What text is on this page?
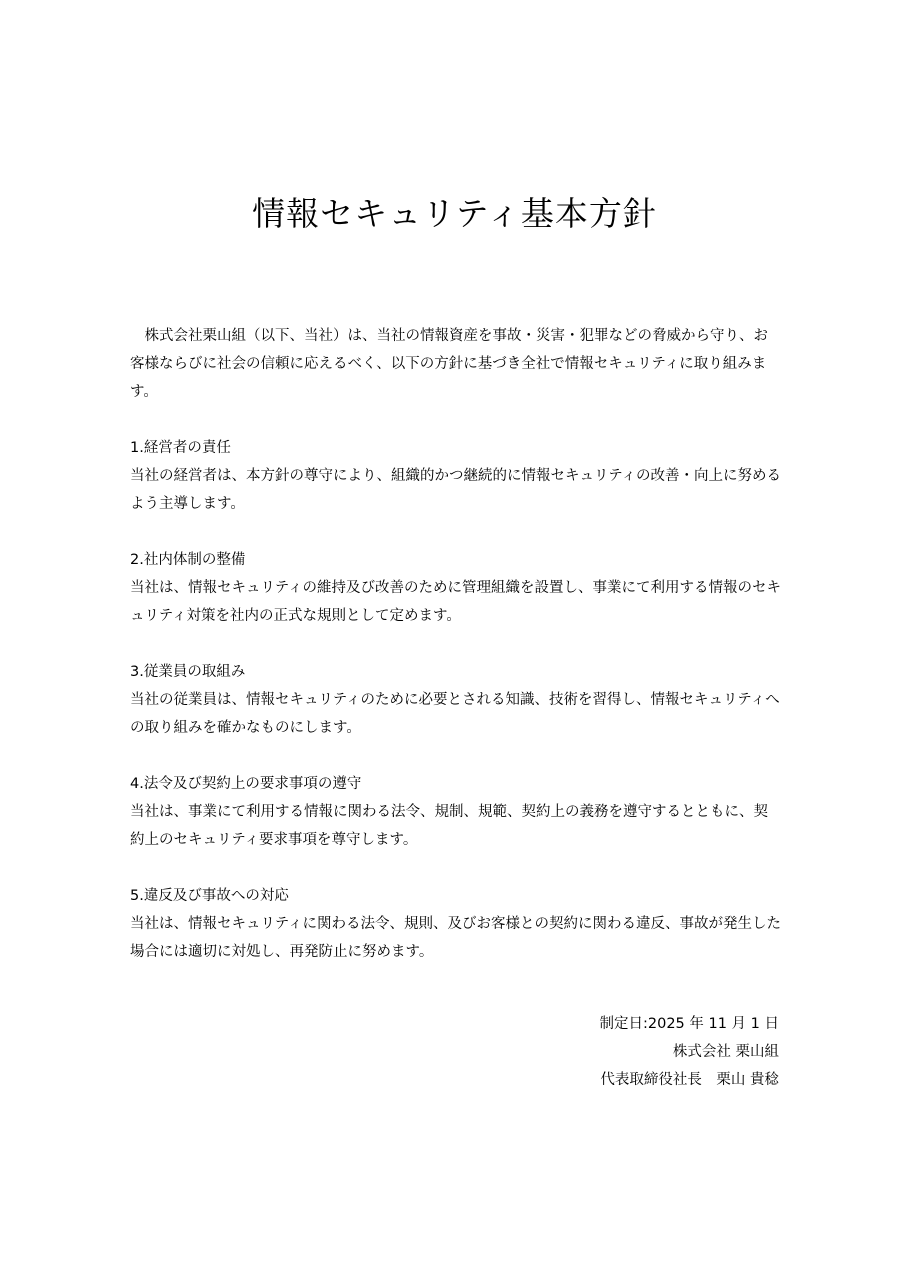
情報セキュリティ基本方針

株式会社栗山組（以下、当社）は、当社の情報資産を事故・災害・犯罪などの脅威から守り、お客様ならびに社会の信頼に応えるべく、以下の方針に基づき全社で情報セキュリティに取り組みます。

1.経営者の責任

当社の経営者は、本方針の尊守により、組織的かつ継続的に情報セキュリティの改善・向上に努めるよう主導します。

2.社内体制の整備

当社は、情報セキュリティの維持及び改善のために管理組織を設置し、事業にて利用する情報のセキュリティ対策を社内の正式な規則として定めます。

3.従業員の取組み

当社の従業員は、情報セキュリティのために必要とされる知識、技術を習得し、情報セキュリティへの取り組みを確かなものにします。

4.法令及び契約上の要求事項の遵守

当社は、事業にて利用する情報に関わる法令、規制、規範、契約上の義務を遵守するとともに、契約上のセキュリティ要求事項を尊守します。

5.違反及び事故への対応

当社は、情報セキュリティに関わる法令、規則、及びお客様との契約に関わる違反、事故が発生した場合には適切に対処し、再発防止に努めます。

制定日:2025 年 11 月 1 日

株式会社 栗山組

代表取締役社長　栗山 貴稔
